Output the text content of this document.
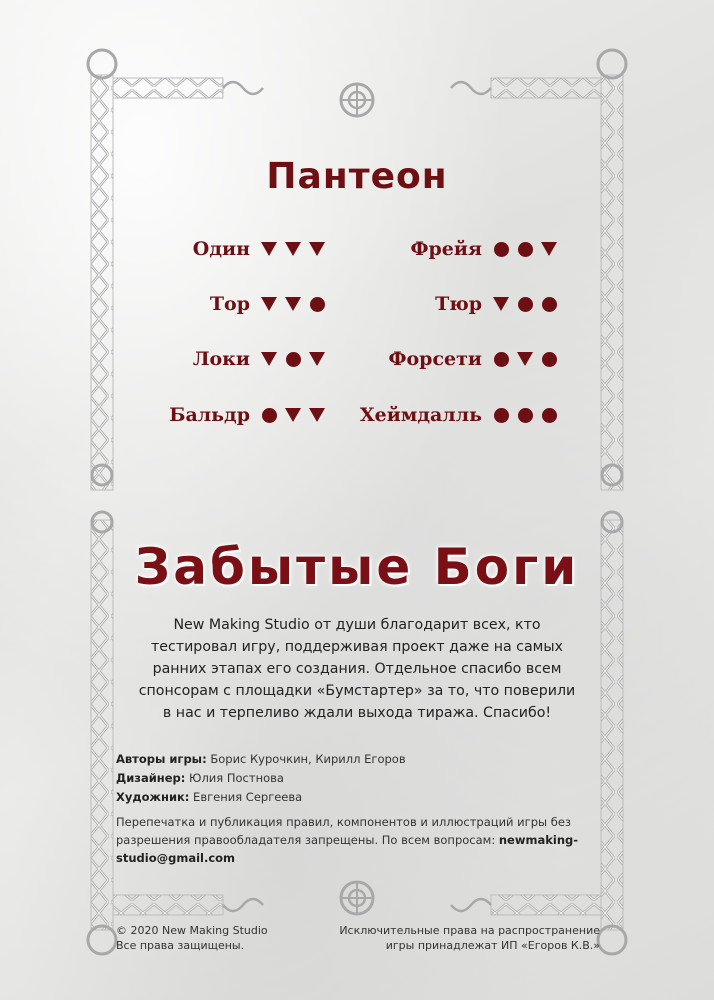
Пантеон
Один	Фрейя
Тор	Тюр
Локи	Форсети
Бальдр	Хеймдалль
Забытые Боги

New Making Studio от души благодарит всех, кто тестировал игру, поддерживая проект даже на самых ранних этапах его создания. Отдельное спасибо всем спонсорам с площадки «Бумстартер» за то, что поверили в нас и терпеливо ждали выхода тиража. Спасибо!

Авторы игры: Борис Курочкин, Кирилл Егоров
Дизайнер: Юлия Постнова
Художник: Евгения Сергеева

Перепечатка и публикация правил, компонентов и иллюстраций игры без разрешения правообладателя запрещены. По всем вопросам: newmaking-studio@gmail.com

© 2020 New Making Studio
Все права защищены.
Исключительные права на распространение
игры принадлежат ИП «Егоров К.В.»
